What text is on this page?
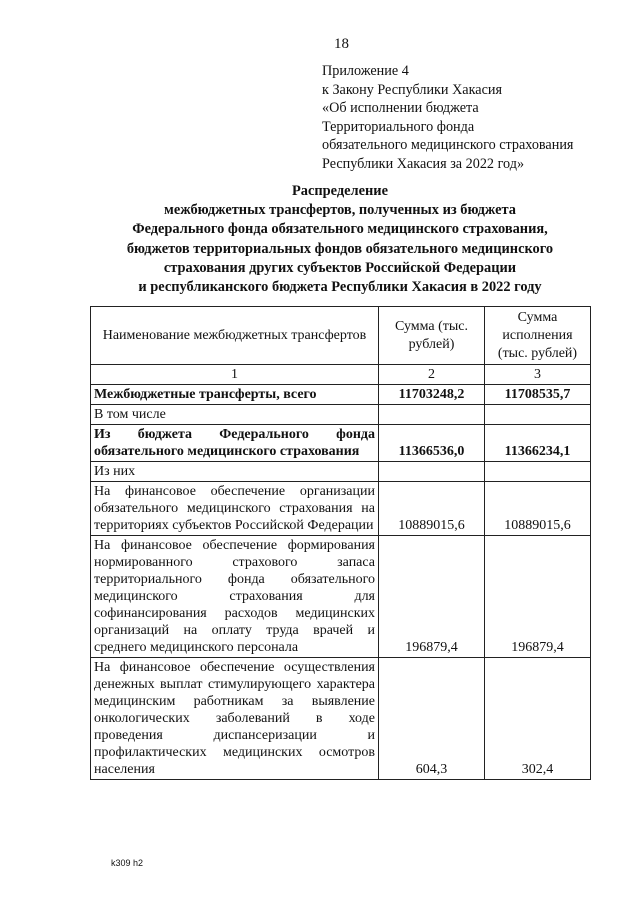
18
Приложение 4
к Закону Республики Хакасия
«Об исполнении бюджета
Территориального фонда
обязательного медицинского страхования
Республики Хакасия за 2022 год»
Распределение
межбюджетных трансфертов, полученных из бюджета
Федерального фонда обязательного медицинского страхования,
бюджетов территориальных фондов обязательного медицинского
страхования других субъектов Российской Федерации
и республиканского бюджета Республики Хакасия в 2022 году
Наименование межбюджетных трансфертов	Сумма (тыс. рублей)	Сумма исполнения (тыс. рублей)
1	2	3
Межбюджетные трансферты, всего	11703248,2	11708535,7
В том числе		
Из бюджета Федерального фонда обязательного медицинского страхования	11366536,0	11366234,1
Из них		
На финансовое обеспечение организации обязательного медицинского страхования на территориях субъектов Российской Федерации	10889015,6	10889015,6
На финансовое обеспечение формирования нормированного страхового запаса территориального фонда обязательного медицинского страхования для софинансирования расходов медицинских организаций на оплату труда врачей и среднего медицинского персонала	196879,4	196879,4
На финансовое обеспечение осуществления денежных выплат стимулирующего характера медицинским работникам за выявление онкологических заболеваний в ходе проведения диспансеризации и профилактических медицинских осмотров населения	604,3	302,4
k309 h2
